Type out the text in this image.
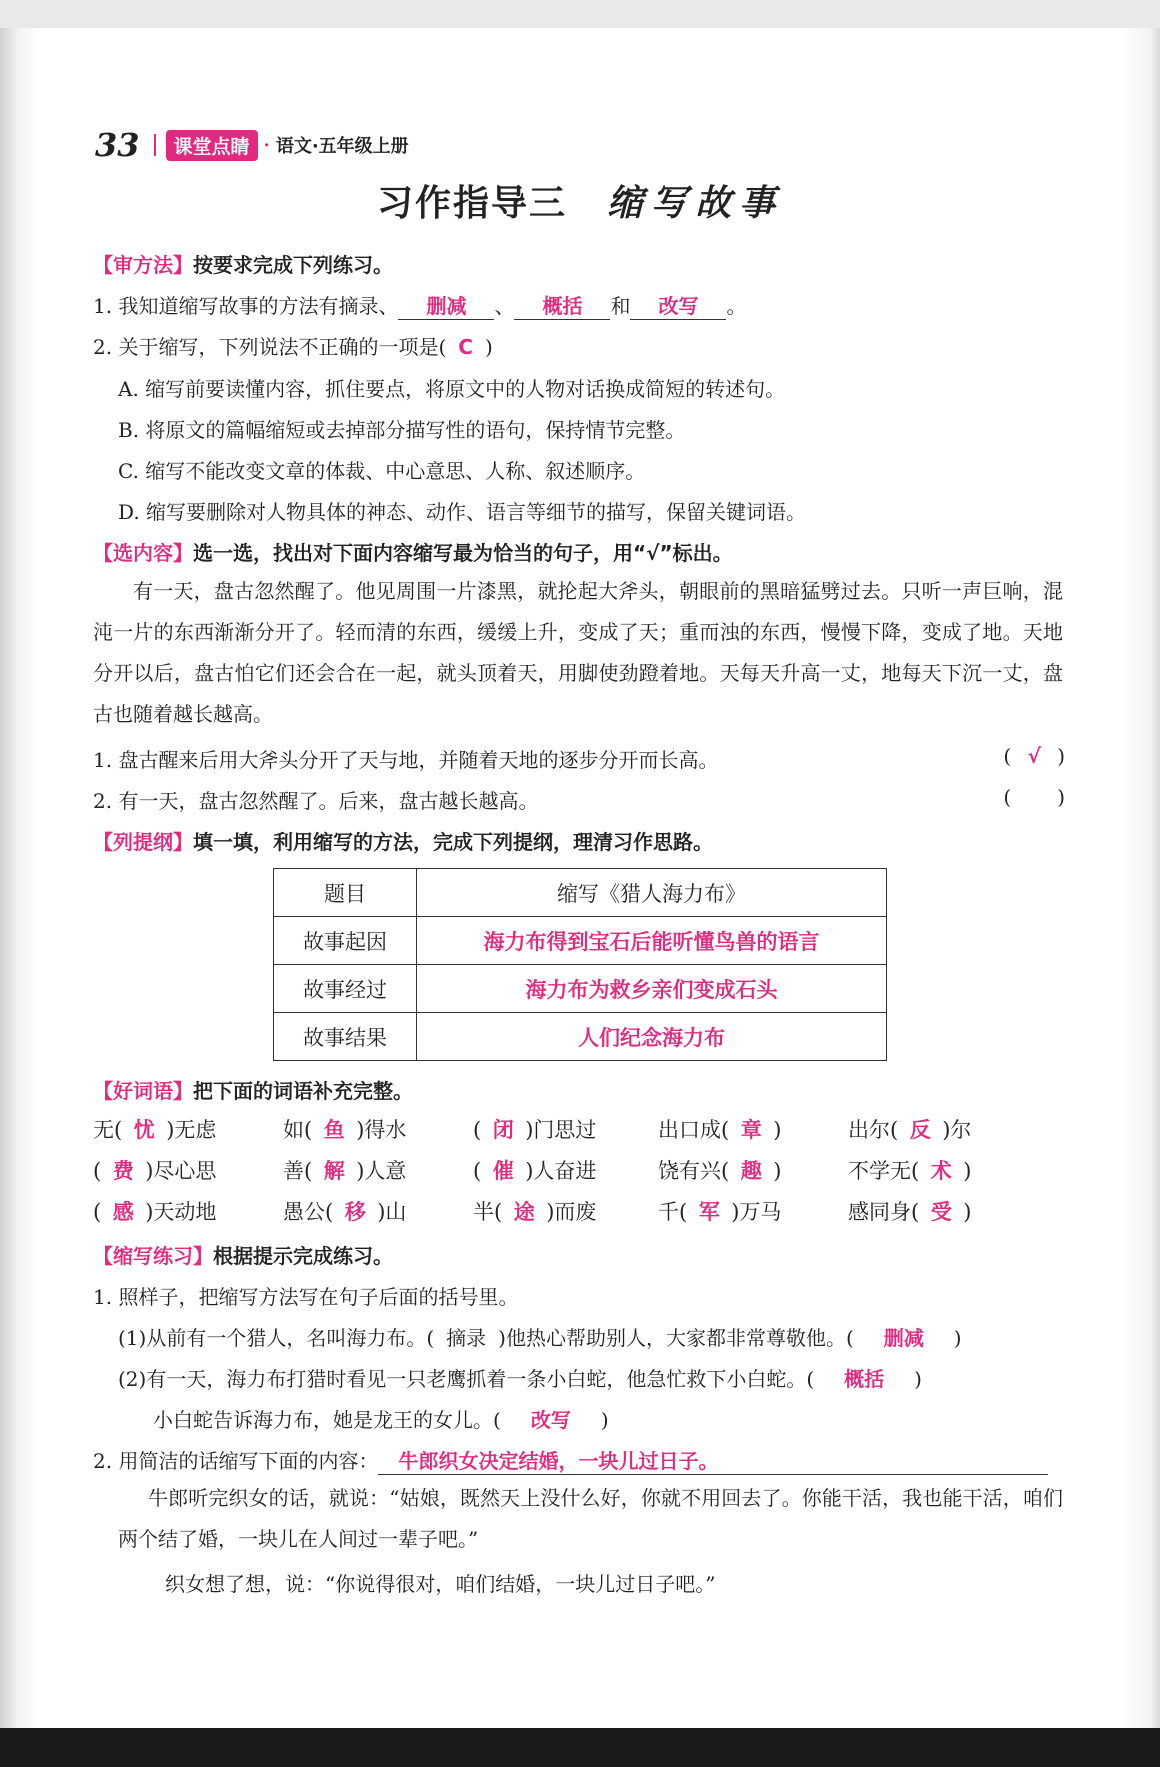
33	课堂点睛 · 语文·五年级上册
习作指导三 缩写故事
【审方法】按要求完成下列练习。
1. 我知道缩写故事的方法有摘录、 删减 、 概括 和 改写 。
2. 关于缩写，下列说法不正确的一项是( C )
A. 缩写前要读懂内容，抓住要点，将原文中的人物对话换成简短的转述句。
B. 将原文的篇幅缩短或去掉部分描写性的语句，保持情节完整。
C. 缩写不能改变文章的体裁、中心意思、人称、叙述顺序。
D. 缩写要删除对人物具体的神态、动作、语言等细节的描写，保留关键词语。
【选内容】选一选，找出对下面内容缩写最为恰当的句子，用“√”标出。
有一天，盘古忽然醒了。他见周围一片漆黑，就抡起大斧头，朝眼前的黑暗猛劈过去。只听一声巨响，混沌一片的东西渐渐分开了。轻而清的东西，缓缓上升，变成了天；重而浊的东西，慢慢下降，变成了地。天地分开以后，盘古怕它们还会合在一起，就头顶着天，用脚使劲蹬着地。天每天升高一丈，地每天下沉一丈，盘古也随着越长越高。
1. 盘古醒来后用大斧头分开了天与地，并随着天地的逐步分开而长高。	( √ )
2. 有一天，盘古忽然醒了。后来，盘古越长越高。	( )
【列提纲】填一填，利用缩写的方法，完成下列提纲，理清习作思路。
题目	缩写《猎人海力布》
故事起因	海力布得到宝石后能听懂鸟兽的语言
故事经过	海力布为救乡亲们变成石头
故事结果	人们纪念海力布
【好词语】把下面的词语补充完整。
无( 忧 )无虑	如( 鱼 )得水	( 闭 )门思过	出口成( 章 )	出尔( 反 )尔
( 费 )尽心思	善( 解 )人意	( 催 )人奋进	饶有兴( 趣 )	不学无( 术 )
( 感 )天动地	愚公( 移 )山	半( 途 )而废	千( 军 )万马	感同身( 受 )
【缩写练习】根据提示完成练习。
1. 照样子，把缩写方法写在句子后面的括号里。
(1)从前有一个猎人，名叫海力布。( 摘录 )他热心帮助别人，大家都非常尊敬他。( 删减 )
(2)有一天，海力布打猎时看见一只老鹰抓着一条小白蛇，他急忙救下小白蛇。( 概括 )
小白蛇告诉海力布，她是龙王的女儿。( 改写 )
2. 用简洁的话缩写下面的内容： 牛郎织女决定结婚，一块儿过日子。
牛郎听完织女的话，就说：“姑娘，既然天上没什么好，你就不用回去了。你能干活，我也能干活，咱们两个结了婚，一块儿在人间过一辈子吧。”
织女想了想，说：“你说得很对，咱们结婚，一块儿过日子吧。”
